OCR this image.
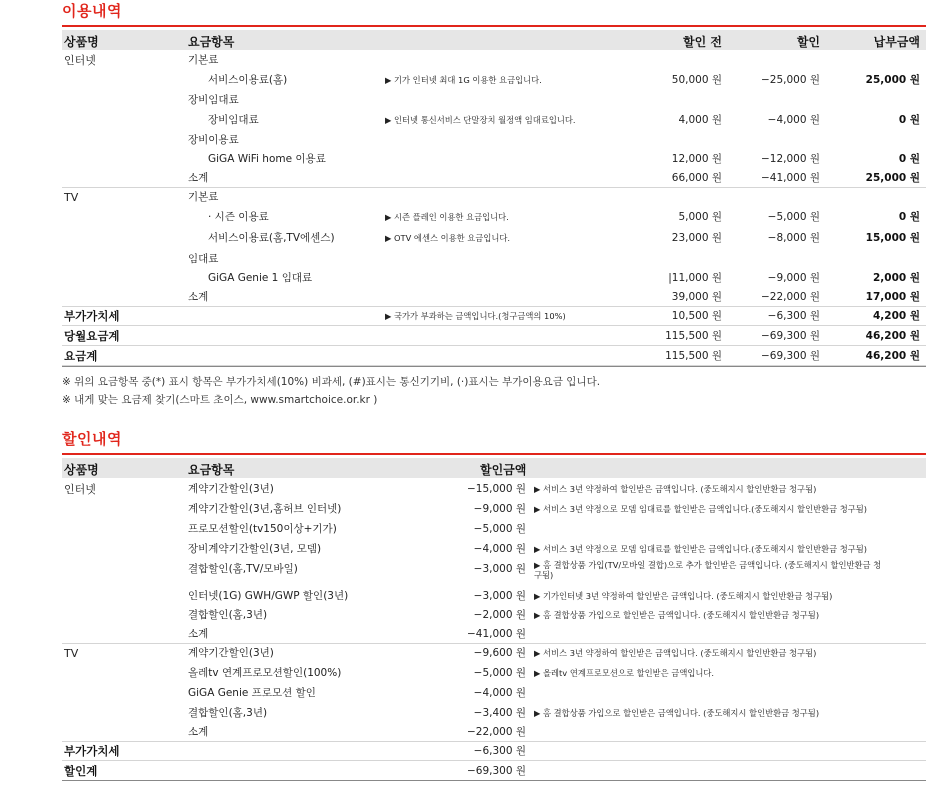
이용내역
상품명	요금항목	할인 전	할인	납부금액
인터넷	기본료
서비스이용료(홈)	▶ 기가 인터넷 최대 1G 이용한 요금입니다.	50,000 원	−25,000 원	25,000 원
장비임대료
장비임대료	▶ 인터넷 통신서비스 단말장치 월정액 임대료입니다.	4,000 원	−4,000 원	0 원
장비이용료
GiGA WiFi home 이용료	12,000 원	−12,000 원	0 원
소계	66,000 원	−41,000 원	25,000 원
TV	기본료
· 시즌 이용료	▶ 시즌 플레인 이용한 요금입니다.	5,000 원	−5,000 원	0 원
서비스이용료(홈,TV에센스)	▶ OTV 에센스 이용한 요금입니다.	23,000 원	−8,000 원	15,000 원
임대료
GiGA Genie 1 임대료	|11,000 원	−9,000 원	2,000 원
소계	39,000 원	−22,000 원	17,000 원
부가가치세	▶ 국가가 부과하는 금액입니다.(청구금액의 10%)	10,500 원	−6,300 원	4,200 원
당월요금계	115,500 원	−69,300 원	46,200 원
요금계	115,500 원	−69,300 원	46,200 원
※ 위의 요금항목 중(*) 표시 항목은 부가가치세(10%) 비과세, (#)표시는 통신기기비, (·)표시는 부가이용요금 입니다.
※ 내게 맞는 요금제 찾기(스마트 초이스, www.smartchoice.or.kr )
할인내역
상품명	요금항목	할인금액
인터넷	계약기간할인(3년)	−15,000 원 ▶ 서비스 3년 약정하여 할인받은 금액입니다. (중도해지시 할인반환금 청구됨)
계약기간할인(3년,홈허브 인터넷)	−9,000 원 ▶ 서비스 3년 약정으로 모뎀 임대료를 할인받은 금액입니다.(중도해지시 할인반환금 청구됨)
프로모션할인(tv150이상+기가)	−5,000 원
장비계약기간할인(3년, 모뎀)	−4,000 원 ▶ 서비스 3년 약정으로 모뎀 임대료를 할인받은 금액입니다.(중도해지시 할인반환금 청구됨)
결합할인(홈,TV/모바일)	−3,000 원 ▶ 홈 결합상품 가입(TV/모바일 결합)으로 추가 할인받은 금액입니다. (중도해지시 할인반환금 청
구됨)
인터넷(1G) GWH/GWP 할인(3년)	−3,000 원 ▶ 기가인터넷 3년 약정하여 할인받은 금액입니다. (중도해지시 할인반환금 청구됨)
결합할인(홈,3년)	−2,000 원 ▶ 홈 결합상품 가입으로 할인받은 금액입니다. (중도해지시 할인반환금 청구됨)
소계	−41,000 원
TV	계약기간할인(3년)	−9,600 원 ▶ 서비스 3년 약정하여 할인받은 금액입니다. (중도해지시 할인반환금 청구됨)
올레tv 연계프로모션할인(100%)	−5,000 원 ▶ 올레tv 연계프로모션으로 할인받은 금액입니다.
GiGA Genie 프로모션 할인	−4,000 원
결합할인(홈,3년)	−3,400 원 ▶ 홈 결합상품 가입으로 할인받은 금액입니다. (중도해지시 할인반환금 청구됨)
소계	−22,000 원
부가가치세	−6,300 원
할인계	−69,300 원
